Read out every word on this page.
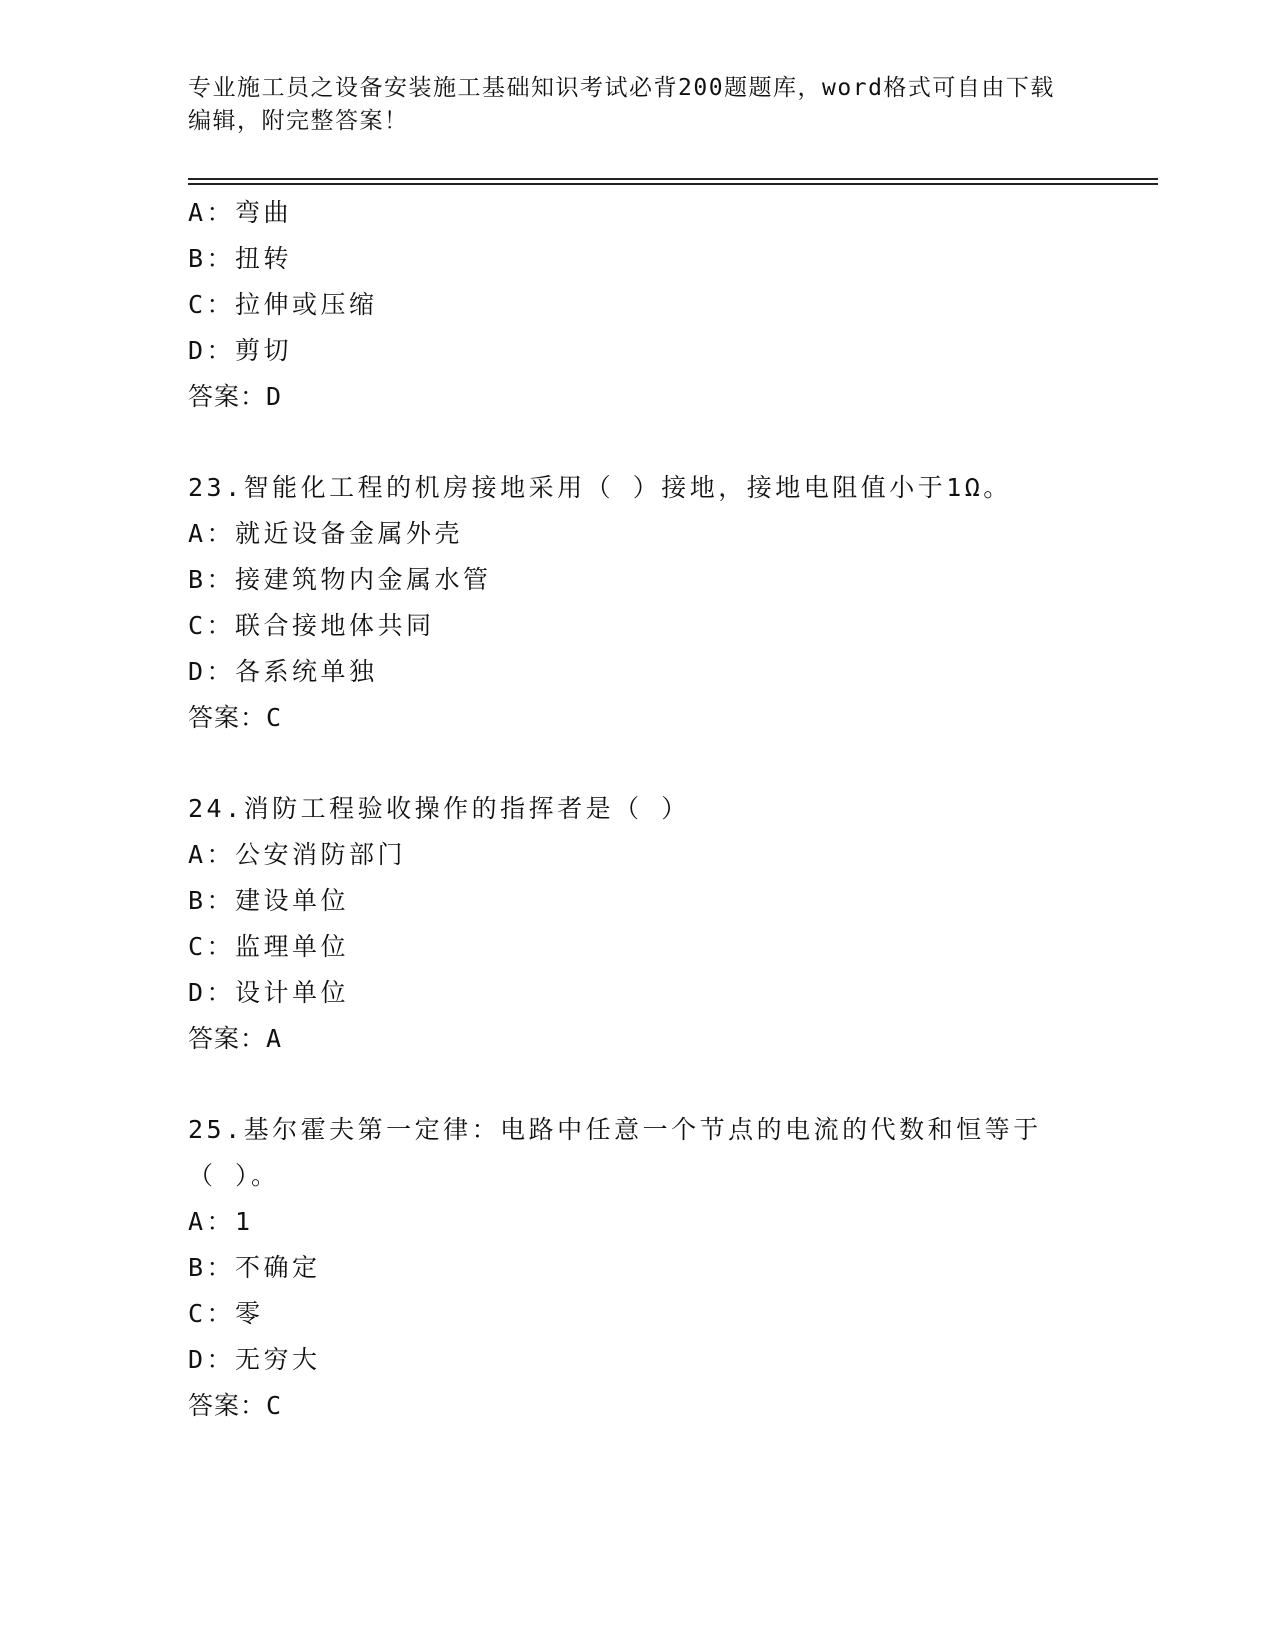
专业施工员之设备安装施工基础知识考试必背200题题库，word格式可自由下载编辑，附完整答案！
A：弯曲
B：扭转
C：拉伸或压缩
D：剪切
答案：D
23.智能化工程的机房接地采用（ ）接地，接地电阻值小于1Ω。
A：就近设备金属外壳
B：接建筑物内金属水管
C：联合接地体共同
D：各系统单独
答案：C
24.消防工程验收操作的指挥者是（ ）
A：公安消防部门
B：建设单位
C：监理单位
D：设计单位
答案：A
25.基尔霍夫第一定律：电路中任意一个节点的电流的代数和恒等于（ ）。
A：1
B：不确定
C：零
D：无穷大
答案：C
